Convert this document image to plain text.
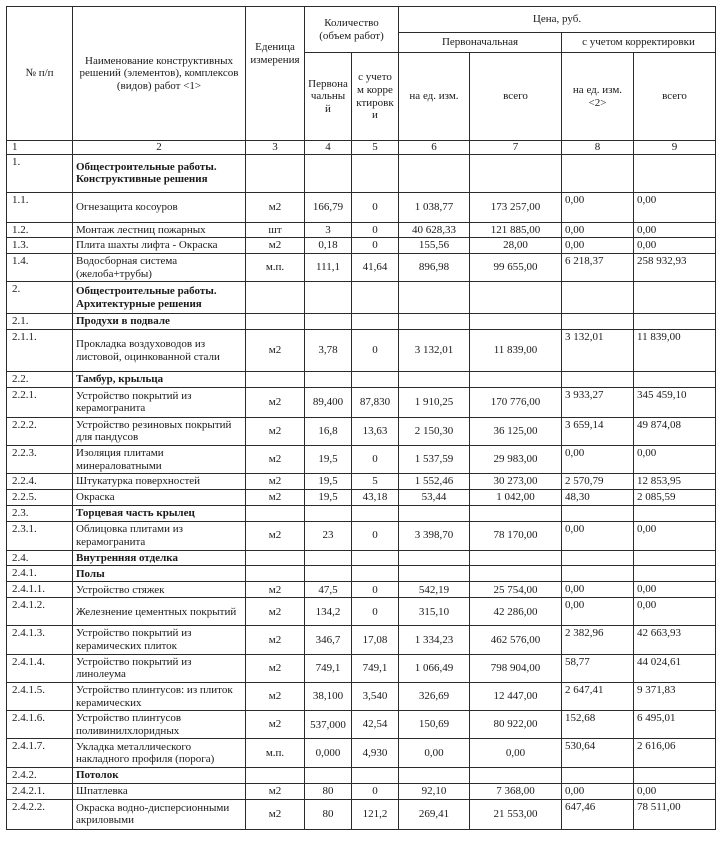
№ п/п	Наименование конструктивных решений (элементов), комплексов (видов) работ <1>	Еденица измерения	Количество (объем работ)		Цена, руб.			
					Первоначальная		с учетом корректировки	
			Первоначальный	с учетом корректировки	на ед. изм.	всего	на ед. изм. <2>	всего
1	2	3	4	5	6	7	8	9
1.	Общестроительные работы. Конструктивные решения							
1.1.	Огнезащита косоуров	м2	166,79	0	1 038,77	173 257,00	0,00	0,00
1.2.	Монтаж лестниц пожарных	шт	3	0	40 628,33	121 885,00	0,00	0,00
1.3.	Плита шахты лифта - Окраска	м2	0,18	0	155,56	28,00	0,00	0,00
1.4.	Водосборная система (желоба+трубы)	м.п.	111,1	41,64	896,98	99 655,00	6 218,37	258 932,93
2.	Общестроительные работы. Архитектурные решения							
2.1.	Продухи в подвале							
2.1.1.	Прокладка воздуховодов из листовой, оцинкованной стали	м2	3,78	0	3 132,01	11 839,00	3 132,01	11 839,00
2.2.	Тамбур, крыльца							
2.2.1.	Устройство покрытий из керамогранита	м2	89,400	87,830	1 910,25	170 776,00	3 933,27	345 459,10
2.2.2.	Устройство резиновых покрытий для пандусов	м2	16,8	13,63	2 150,30	36 125,00	3 659,14	49 874,08
2.2.3.	Изоляция плитами минераловатными	м2	19,5	0	1 537,59	29 983,00	0,00	0,00
2.2.4.	Штукатурка поверхностей	м2	19,5	5	1 552,46	30 273,00	2 570,79	12 853,95
2.2.5.	Окраска	м2	19,5	43,18	53,44	1 042,00	48,30	2 085,59
2.3.	Торцевая часть крылец							
2.3.1.	Облицовка плитами из керамогранита	м2	23	0	3 398,70	78 170,00	0,00	0,00
2.4.	Внутренняя отделка							
2.4.1.	Полы							
2.4.1.1.	Устройство стяжек	м2	47,5	0	542,19	25 754,00	0,00	0,00
2.4.1.2.	Железнение цементных покрытий	м2	134,2	0	315,10	42 286,00	0,00	0,00
2.4.1.3.	Устройство покрытий из керамических плиток	м2	346,7	17,08	1 334,23	462 576,00	2 382,96	42 663,93
2.4.1.4.	Устройство покрытий из линолеума	м2	749,1	749,1	1 066,49	798 904,00	58,77	44 024,61
2.4.1.5.	Устройство плинтусов: из плиток керамических	м2	38,100	3,540	326,69	12 447,00	2 647,41	9 371,83
2.4.1.6.	Устройство плинтусов поливинилхлоридных	м2	537,000	42,54	150,69	80 922,00	152,68	6 495,01
2.4.1.7.	Укладка металлического накладного профиля (порога)	м.п.	0,000	4,930	0,00	0,00	530,64	2 616,06
2.4.2.	Потолок							
2.4.2.1.	Шпатлевка	м2	80	0	92,10	7 368,00	0,00	0,00
2.4.2.2.	Окраска водно-дисперсионными акриловыми	м2	80	121,2	269,41	21 553,00	647,46	78 511,00
